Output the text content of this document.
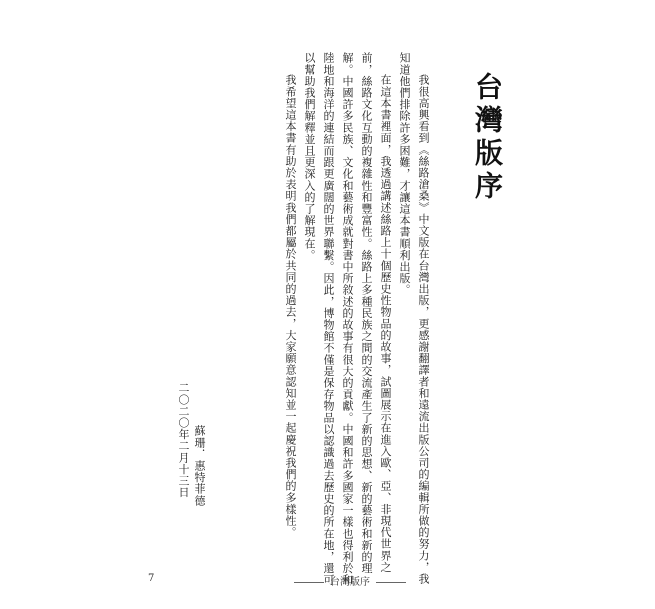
台灣版序
我很高興看到《絲路滄桑》中文版在台灣出版，更感謝翻譯者和遠流出版公司的編輯所做的努力，我
知道他們排除許多困難，才讓這本書順利出版。
在這本書裡面，我透過講述絲路上十個歷史性物品的故事，試圖展示在進入歐、亞、非現代世界之
前，絲路文化互動的複雜性和豐富性。絲路上多種民族之間的交流產生了新的思想、新的藝術和新的理
解。中國許多民族、文化和藝術成就對書中所敘述的故事有很大的貢獻。中國和許多國家一樣也得利於和
陸地和海洋的連結而跟更廣闊的世界聯繫。因此，博物館不僅是保存物品以認識過去歷史的所在地，還可
以幫助我們解釋並且更深入的了解現在。
我希望這本書有助於表明我們都屬於共同的過去，大家願意認知並一起慶祝我們的多樣性。
蘇珊．惠特菲德
二〇二〇年二月十三日
7	台灣版序
